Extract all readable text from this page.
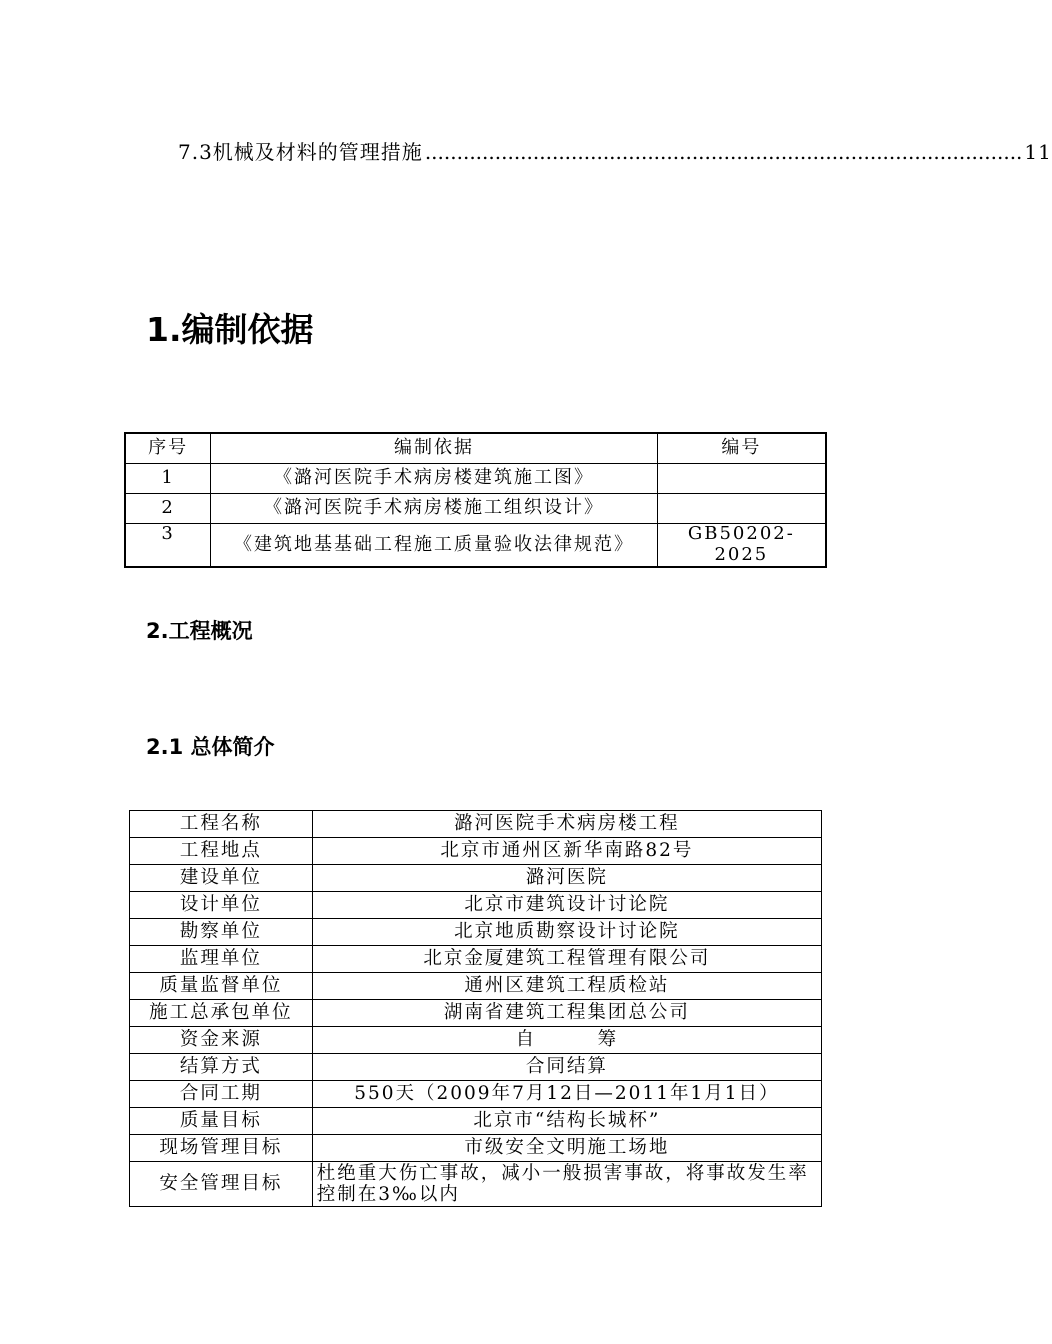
7.3机械及材料的管理措施 .............................................................................................. 11
1.编制依据
序号	编制依据	编号
1	《潞河医院手术病房楼建筑施工图》	
2	《潞河医院手术病房楼施工组织设计》	
3	《建筑地基基础工程施工质量验收法律规范》	GB50202-2025
2.工程概况
2.1 总体简介
工程名称	潞河医院手术病房楼工程
工程地点	北京市通州区新华南路82号
建设单位	潞河医院
设计单位	北京市建筑设计讨论院
勘察单位	北京地质勘察设计讨论院
监理单位	北京金厦建筑工程管理有限公司
质量监督单位	通州区建筑工程质检站
施工总承包单位	湖南省建筑工程集团总公司
资金来源	自　　　筹
结算方式	合同结算
合同工期	550天（2009年7月12日—2011年1月1日）
质量目标	北京市“结构长城杯”
现场管理目标	市级安全文明施工场地
安全管理目标	杜绝重大伤亡事故，减小一般损害事故，将事故发生率控制在3‰以内
